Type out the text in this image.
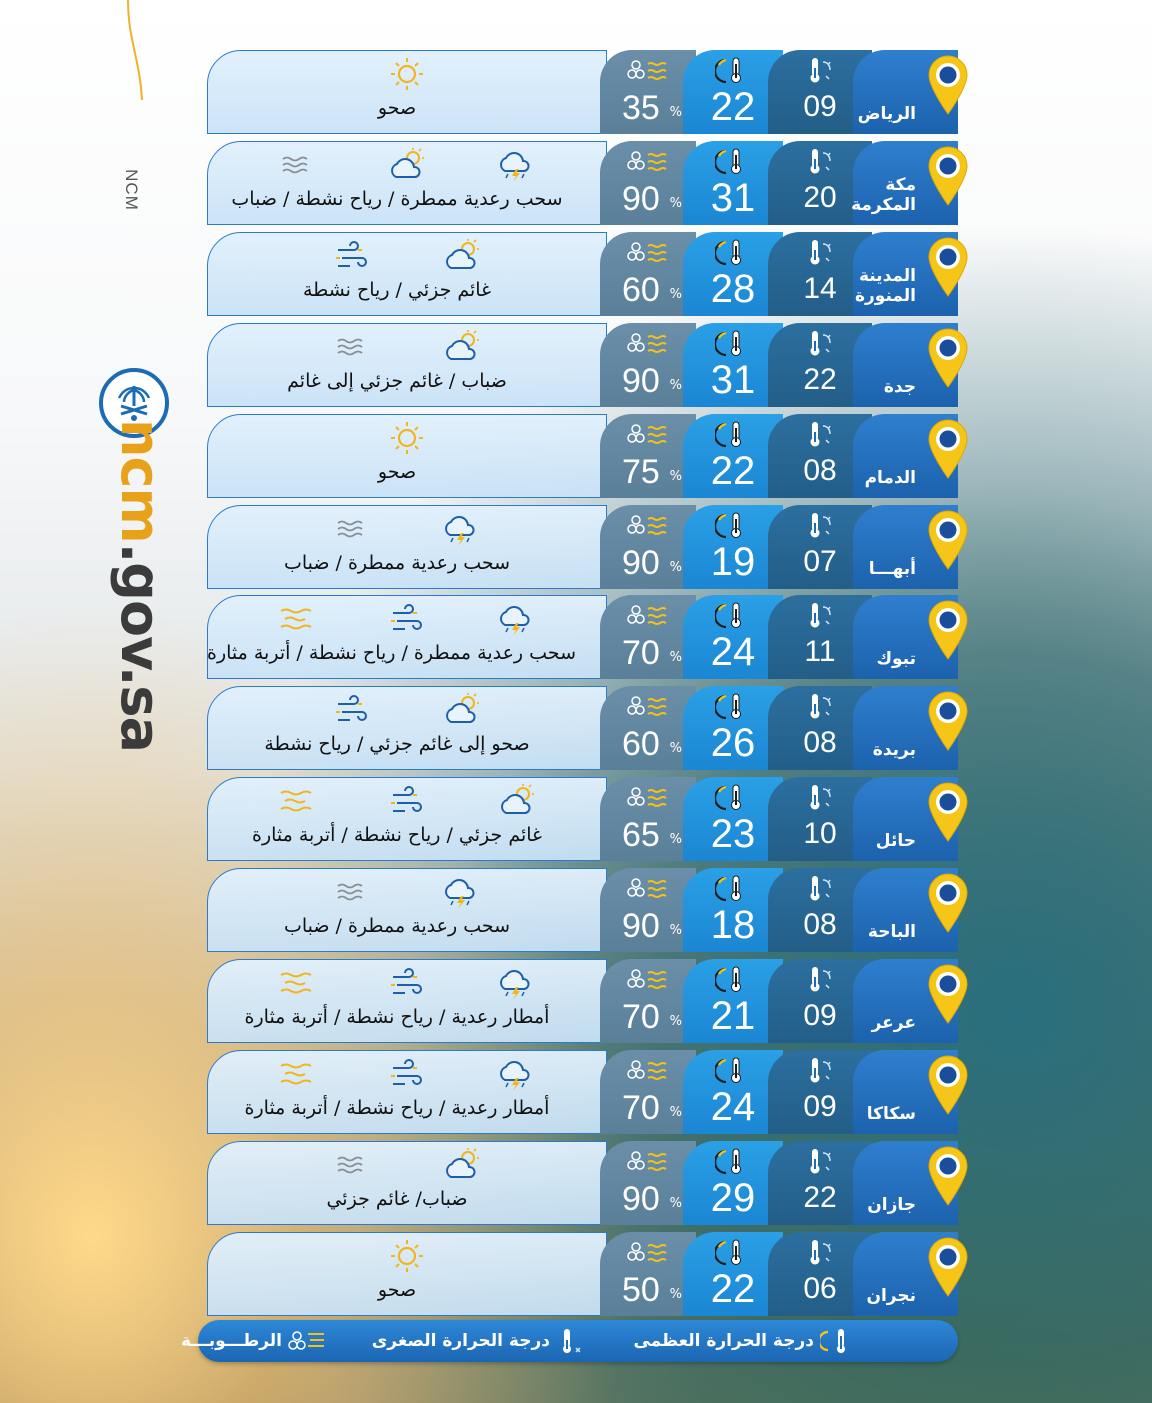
NCM
ncm.gov.sa
صحو	35 % 22	09	الرياض
سحب رعدية ممطرة / رياح نشطة / ضباب	90 % 31	20	مكة المكرمة
غائم جزئي / رياح نشطة	60 % 28	14	المدينة المنورة
ضباب / غائم جزئي إلى غائم	90 % 31	22	جدة
صحو	75 % 22	08	الدمام
سحب رعدية ممطرة / ضباب	90 % 19	07	أبهـــا
سحب رعدية ممطرة / رياح نشطة / أتربة مثارة	70 % 24	11	تبوك
صحو إلى غائم جزئي / رياح نشطة	60 % 26	08	بريدة
غائم جزئي / رياح نشطة / أتربة مثارة	65 % 23	10	حائل
سحب رعدية ممطرة / ضباب	90 % 18	08	الباحة
أمطار رعدية / رياح نشطة / أتربة مثارة	70 % 21	09	عرعر
أمطار رعدية / رياح نشطة / أتربة مثارة	70 % 24	09	سكاكا
ضباب/ غائم جزئي	90 % 29	22	جازان
صحو	50 % 22	06	نجران
درجة الحرارة العظمى
درجة الحرارة الصغرى
الرطـــوبـــة
